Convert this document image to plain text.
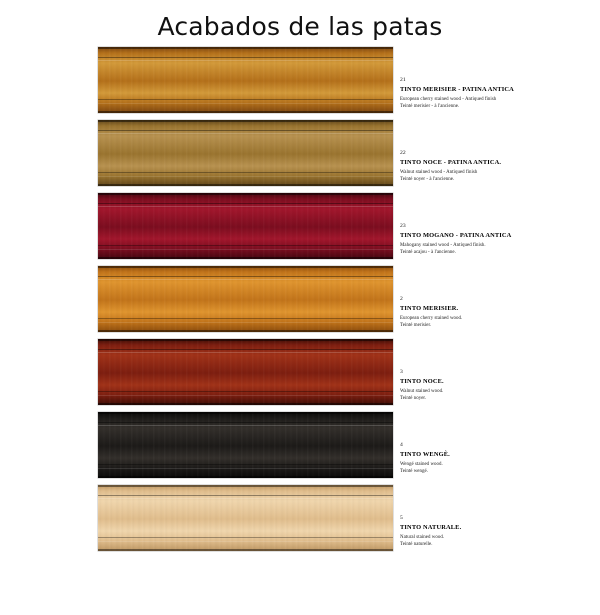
Acabados de las patas

21

TINTO MERISIER - PATINA ANTICA

European cherry stained wood - Antiqued finish

Teinté merisier - à l'ancienne.

22

TINTO NOCE - PATINA ANTICA.

Walnut stained wood - Antiqued finish

Teinté noyer - à l'ancienne.

23

TINTO MOGANO - PATINA ANTICA

Mahogany stained wood - Antiqued finish.

Teinté acajou - à l'ancienne.

2

TINTO MERISIER.

European cherry stained wood.

Teinté merisier.

3

TINTO NOCE.

Walnut stained wood.

Teinté noyer.

4

TINTO WENGÈ.

Wengé stained wood.

Teinté wengé.

5

TINTO NATURALE.

Natural stained wood.

Teinté naturelle.
